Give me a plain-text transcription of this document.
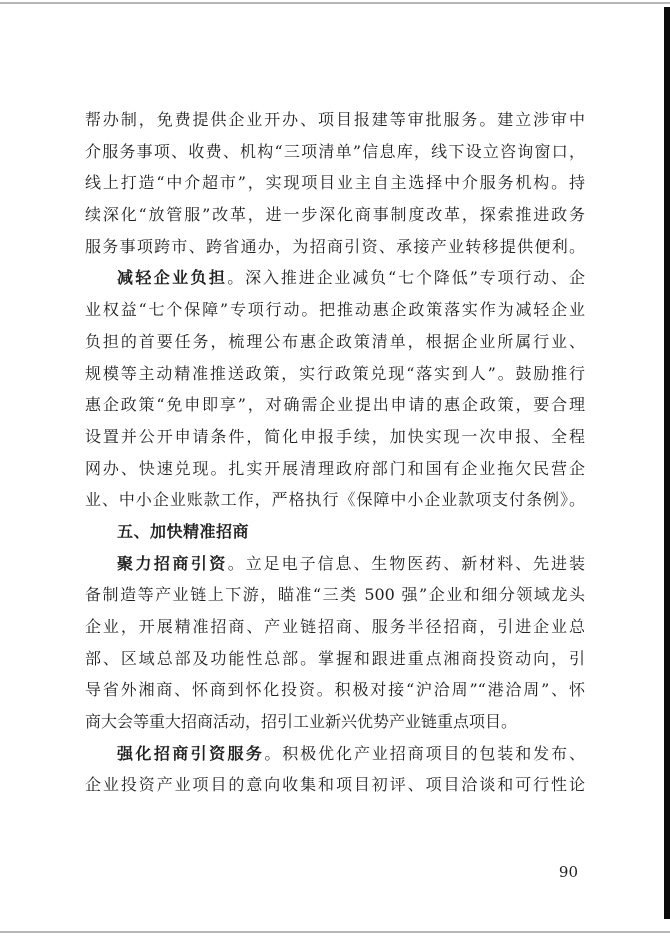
帮办制，免费提供企业开办、项目报建等审批服务。建立涉审中
介服务事项、收费、机构“三项清单”信息库，线下设立咨询窗口，
线上打造“中介超市”，实现项目业主自主选择中介服务机构。持
续深化“放管服”改革，进一步深化商事制度改革，探索推进政务
服务事项跨市、跨省通办，为招商引资、承接产业转移提供便利。
减轻企业负担。深入推进企业减负“七个降低”专项行动、企
业权益“七个保障”专项行动。把推动惠企政策落实作为减轻企业
负担的首要任务，梳理公布惠企政策清单，根据企业所属行业、
规模等主动精准推送政策，实行政策兑现“落实到人”。鼓励推行
惠企政策“免申即享”，对确需企业提出申请的惠企政策，要合理
设置并公开申请条件，简化申报手续，加快实现一次申报、全程
网办、快速兑现。扎实开展清理政府部门和国有企业拖欠民营企
业、中小企业账款工作，严格执行《保障中小企业款项支付条例》。
五、加快精准招商
聚力招商引资。立足电子信息、生物医药、新材料、先进装
备制造等产业链上下游，瞄准“三类 500 强”企业和细分领域龙头
企业，开展精准招商、产业链招商、服务半径招商，引进企业总
部、区域总部及功能性总部。掌握和跟进重点湘商投资动向，引
导省外湘商、怀商到怀化投资。积极对接“沪洽周”“港洽周”、怀
商大会等重大招商活动，招引工业新兴优势产业链重点项目。
强化招商引资服务。积极优化产业招商项目的包装和发布、
企业投资产业项目的意向收集和项目初评、项目洽谈和可行性论
90
